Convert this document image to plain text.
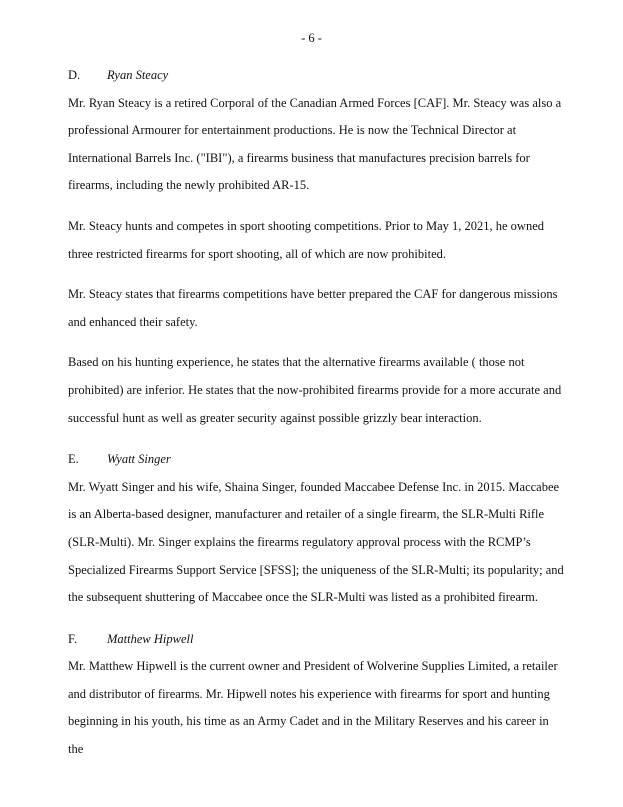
- 6 -
D. Ryan Steacy

Mr. Ryan Steacy is a retired Corporal of the Canadian Armed Forces [CAF]. Mr. Steacy was also a professional Armourer for entertainment productions. He is now the Technical Director at International Barrels Inc. ("IBI"), a firearms business that manufactures precision barrels for firearms, including the newly prohibited AR-15.

Mr. Steacy hunts and competes in sport shooting competitions. Prior to May 1, 2021, he owned three restricted firearms for sport shooting, all of which are now prohibited.

Mr. Steacy states that firearms competitions have better prepared the CAF for dangerous missions and enhanced their safety.

Based on his hunting experience, he states that the alternative firearms available ( those not prohibited) are inferior. He states that the now-prohibited firearms provide for a more accurate and successful hunt as well as greater security against possible grizzly bear interaction.

E. Wyatt Singer

Mr. Wyatt Singer and his wife, Shaina Singer, founded Maccabee Defense Inc. in 2015. Maccabee is an Alberta-based designer, manufacturer and retailer of a single firearm, the SLR-Multi Rifle (SLR-Multi). Mr. Singer explains the firearms regulatory approval process with the RCMP’s Specialized Firearms Support Service [SFSS]; the uniqueness of the SLR-Multi; its popularity; and the subsequent shuttering of Maccabee once the SLR-Multi was listed as a prohibited firearm.

F. Matthew Hipwell

Mr. Matthew Hipwell is the current owner and President of Wolverine Supplies Limited, a retailer and distributor of firearms. Mr. Hipwell notes his experience with firearms for sport and hunting beginning in his youth, his time as an Army Cadet and in the Military Reserves and his career in the
